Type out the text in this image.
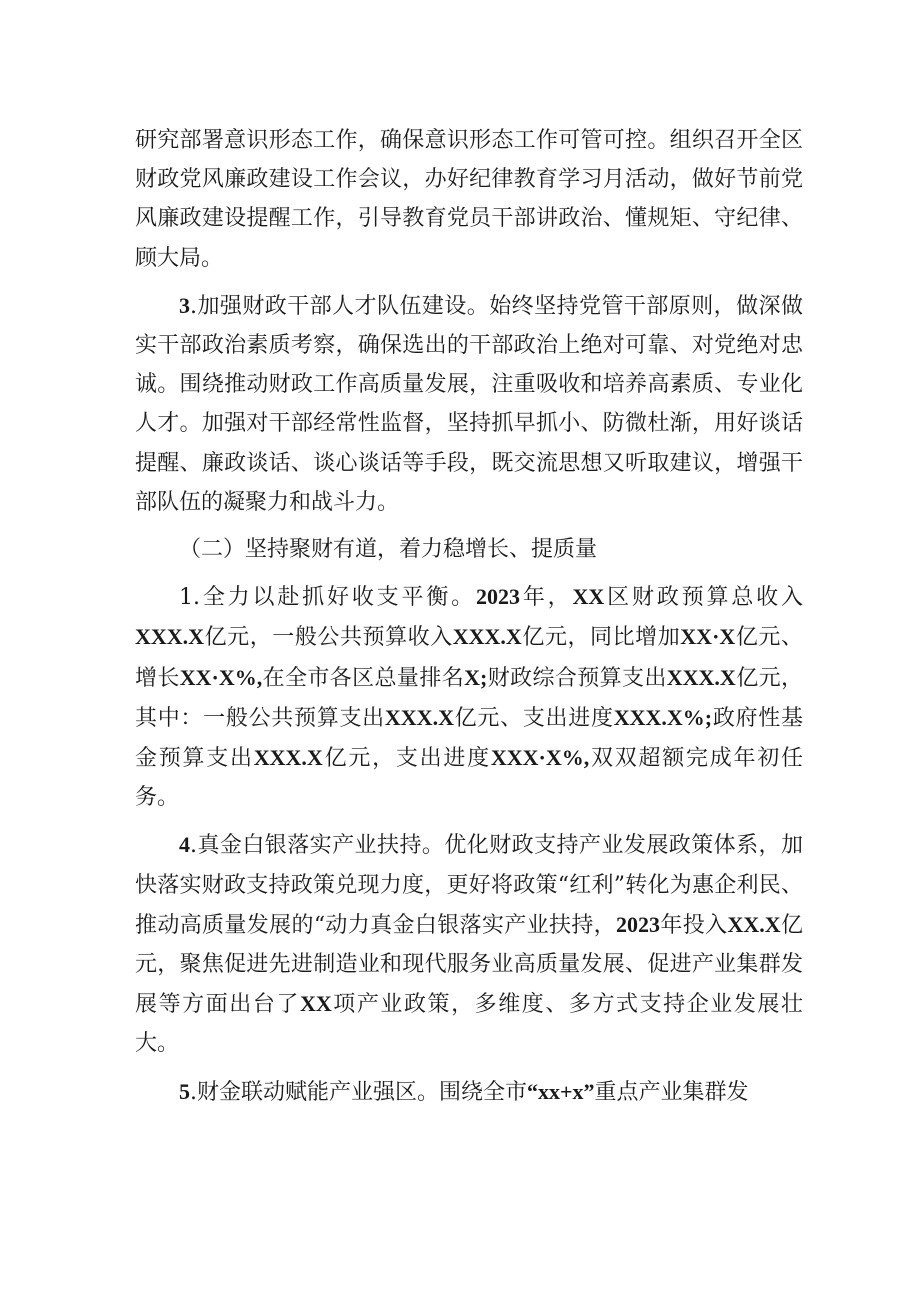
研究部署意识形态工作，确保意识形态工作可管可控。组织召开全区财政党风廉政建设工作会议，办好纪律教育学习月活动，做好节前党风廉政建设提醒工作，引导教育党员干部讲政治、懂规矩、守纪律、顾大局。

3.加强财政干部人才队伍建设。始终坚持党管干部原则，做深做实干部政治素质考察，确保选出的干部政治上绝对可靠、对党绝对忠诚。围绕推动财政工作高质量发展，注重吸收和培养高素质、专业化人才。加强对干部经常性监督，坚持抓早抓小、防微杜渐，用好谈话提醒、廉政谈话、谈心谈话等手段，既交流思想又听取建议，增强干部队伍的凝聚力和战斗力。

（二）坚持聚财有道，着力稳增长、提质量

1.全力以赴抓好收支平衡。2023年，XX区财政预算总收入XXX.X亿元，一般公共预算收入XXX.X亿元，同比增加XX·X亿元、增长XX·X%,在全市各区总量排名X;财政综合预算支出XXX.X亿元，其中：一般公共预算支出XXX.X亿元、支出进度XXX.X%;政府性基金预算支出XXX.X亿元，支出进度XXX·X%,双双超额完成年初任务。

4.真金白银落实产业扶持。优化财政支持产业发展政策体系，加快落实财政支持政策兑现力度，更好将政策“红利”转化为惠企利民、推动高质量发展的“动力真金白银落实产业扶持，2023年投入XX.X亿元，聚焦促进先进制造业和现代服务业高质量发展、促进产业集群发展等方面出台了XX项产业政策，多维度、多方式支持企业发展壮大。

5.财金联动赋能产业强区。围绕全市“xx+x”重点产业集群发
